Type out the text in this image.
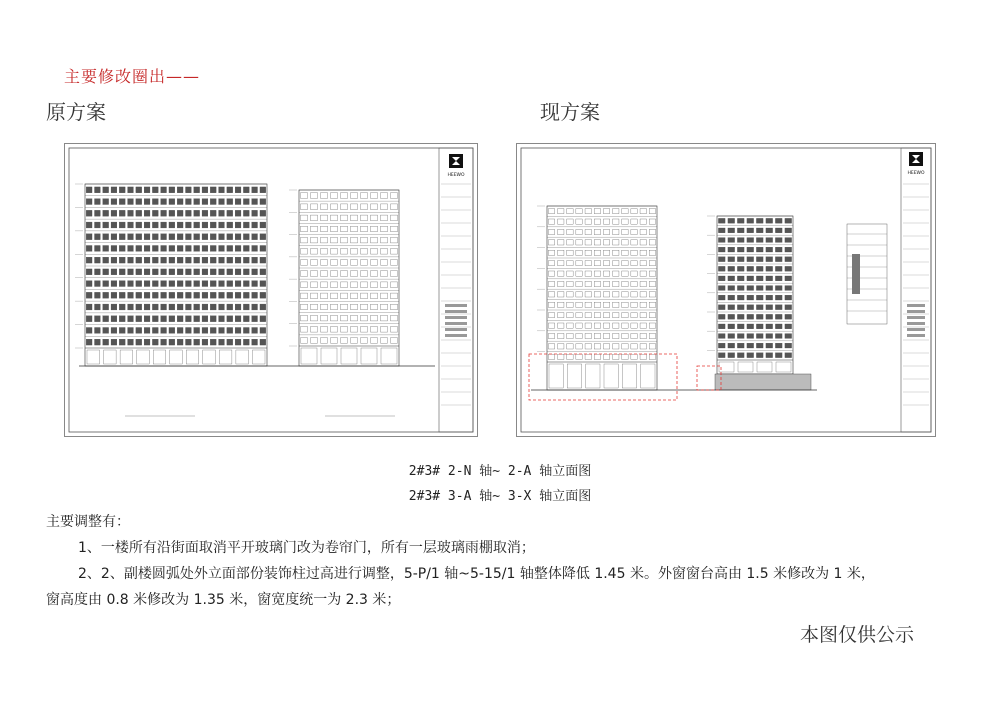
主要修改圈出——
原方案	现方案
HEEWO	HEEWO
2#3# 2-N 轴~ 2-A 轴立面图
2#3# 3-A 轴~ 3-X 轴立面图
主要调整有：
1、一楼所有沿街面取消平开玻璃门改为卷帘门，所有一层玻璃雨棚取消；
2、2、副楼圆弧处外立面部份装饰柱过高进行调整，5-P/1 轴~5-15/1 轴整体降低 1.45 米。外窗窗台高由 1.5 米修改为 1 米，
窗高度由 0.8 米修改为 1.35 米，窗宽度统一为 2.3 米；
本图仅供公示
